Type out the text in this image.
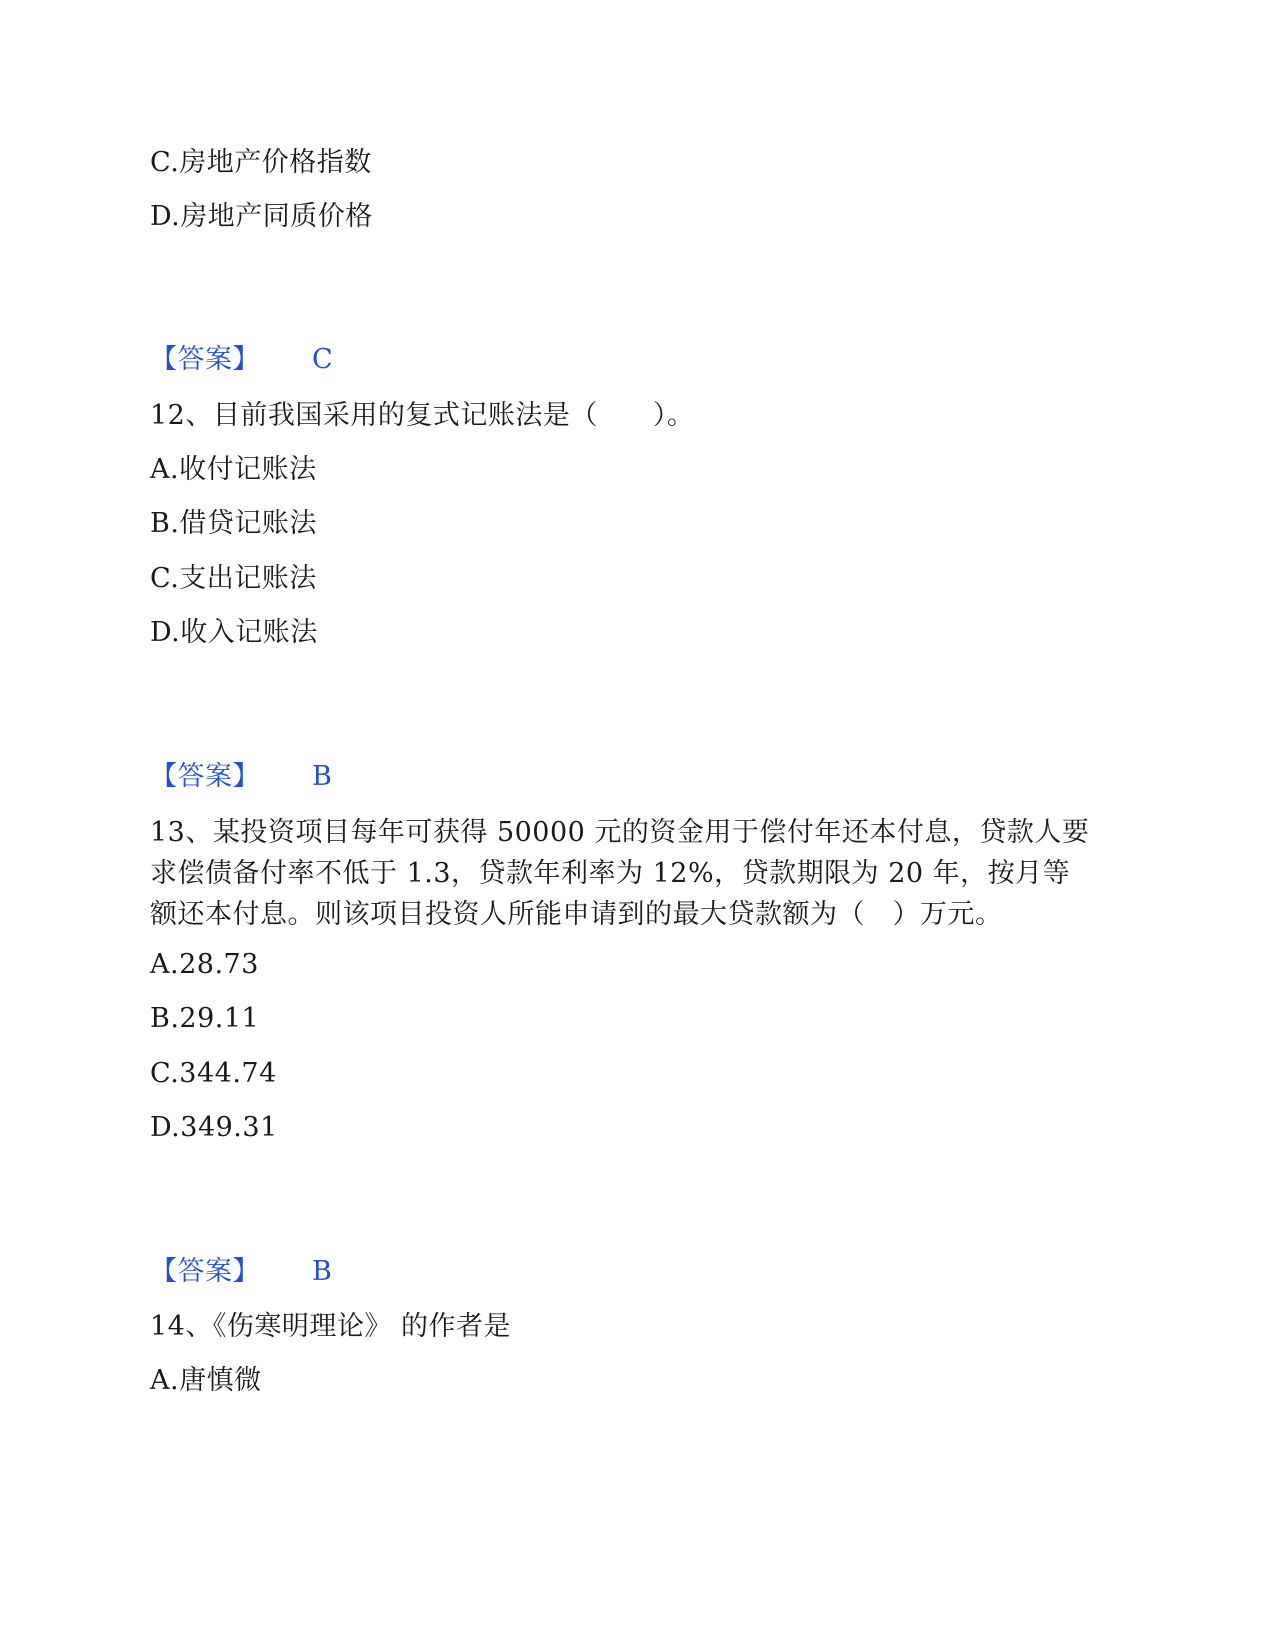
C.房地产价格指数
D.房地产同质价格
【答案】 C
12、目前我国采用的复式记账法是（　　）。
A.收付记账法
B.借贷记账法
C.支出记账法
D.收入记账法
【答案】 B
13、某投资项目每年可获得 50000 元的资金用于偿付年还本付息，贷款人要
求偿债备付率不低于 1.3，贷款年利率为 12%，贷款期限为 20 年，按月等
额还本付息。则该项目投资人所能申请到的最大贷款额为（　）万元。
A.28.73
B.29.11
C.344.74
D.349.31
【答案】 B
14、《伤寒明理论》 的作者是
A.唐慎微
